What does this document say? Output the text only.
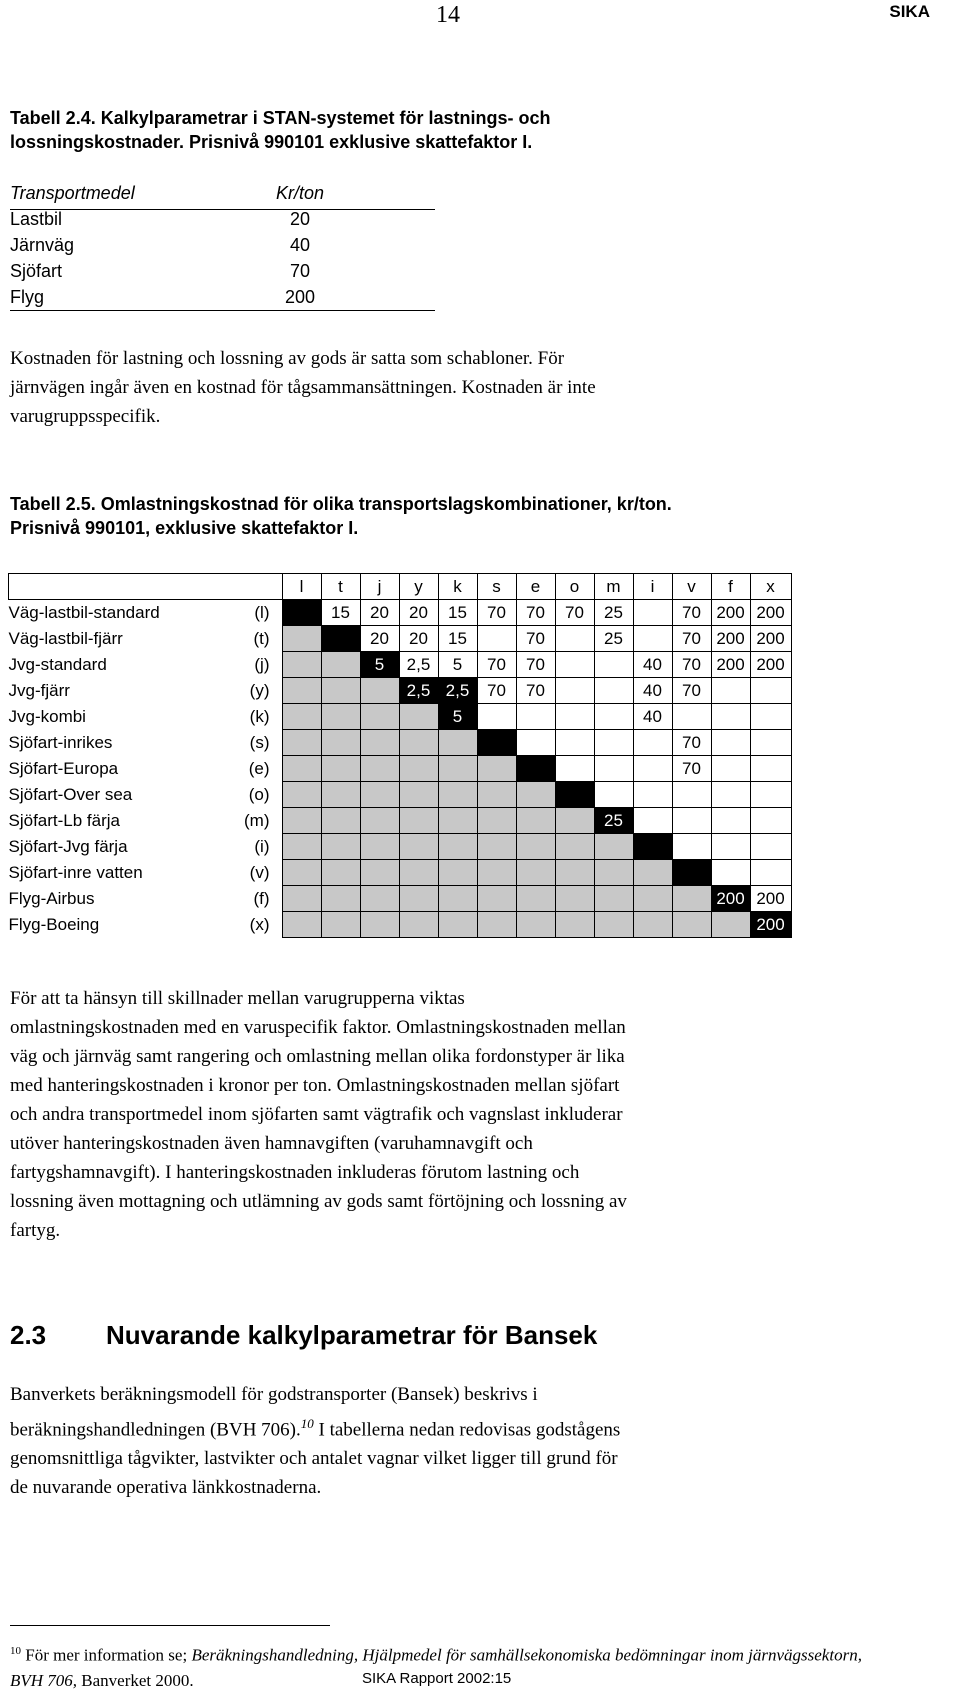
14	SIKA
Tabell 2.4. Kalkylparametrar i STAN-systemet för lastnings- och
lossningskostnader. Prisnivå 990101 exklusive skattefaktor I.
Transportmedel	Kr/ton
Lastbil	20
Järnväg	40
Sjöfart	70
Flyg	200
Kostnaden för lastning och lossning av gods är satta som schabloner. För
järnvägen ingår även en kostnad för tågsammansättningen. Kostnaden är inte
varugruppsspecifik.
Tabell 2.5. Omlastningskostnad för olika transportslagskombinationer, kr/ton.
Prisnivå 990101, exklusive skattefaktor I.
		l	t	j	y	k	s	e	o	m	i	v	f	x
Väg-lastbil-standard	(l)		15	20	20	15	70	70	70	25		70	200	200
Väg-lastbil-fjärr	(t)			20	20	15		70		25		70	200	200
Jvg-standard	(j)			5	2,5	5	70	70			40	70	200	200
Jvg-fjärr	(y)				2,5	2,5	70	70			40	70		
Jvg-kombi	(k)					5					40			
Sjöfart-inrikes	(s)											70		
Sjöfart-Europa	(e)											70		
Sjöfart-Over sea	(o)													
Sjöfart-Lb färja	(m)									25				
Sjöfart-Jvg färja	(i)													
Sjöfart-inre vatten	(v)													
Flyg-Airbus	(f)												200	200
Flyg-Boeing	(x)													200
För att ta hänsyn till skillnader mellan varugrupperna viktas
omlastningskostnaden med en varuspecifik faktor. Omlastningskostnaden mellan
väg och järnväg samt rangering och omlastning mellan olika fordonstyper är lika
med hanteringskostnaden i kronor per ton. Omlastningskostnaden mellan sjöfart
och andra transportmedel inom sjöfarten samt vägtrafik och vagnslast inkluderar
utöver hanteringskostnaden även hamnavgiften (varuhamnavgift och
fartygshamnavgift). I hanteringskostnaden inkluderas förutom lastning och
lossning även mottagning och utlämning av gods samt förtöjning och lossning av
fartyg.
2.3 Nuvarande kalkylparametrar för Bansek
Banverkets beräkningsmodell för godstransporter (Bansek) beskrivs i
beräkningshandledningen (BVH 706).$^{10}$ I tabellerna nedan redovisas godstågens
genomsnittliga tågvikter, lastvikter och antalet vagnar vilket ligger till grund för
de nuvarande operativa länkkostnaderna.
$^{10}$ För mer information se; Beräkningshandledning, Hjälpmedel för samhällsekonomiska bedömningar inom järnvägssektorn, BVH 706, Banverket 2000.	SIKA Rapport 2002:15
